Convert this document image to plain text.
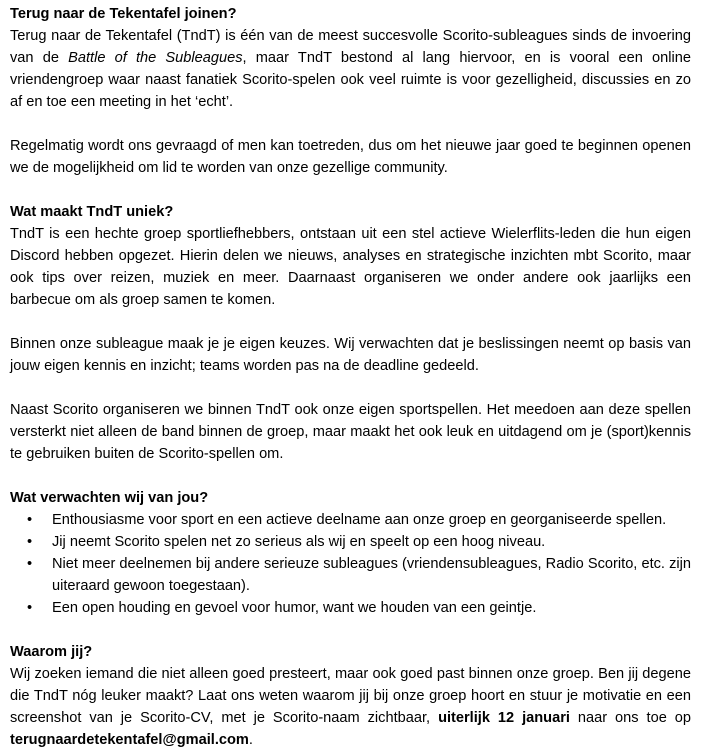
Terug naar de Tekentafel joinen?

Terug naar de Tekentafel (TndT) is één van de meest succesvolle Scorito-subleagues sinds de invoering van de Battle of the Subleagues, maar TndT bestond al lang hiervoor, en is vooral een online vriendengroep waar naast fanatiek Scorito-spelen ook veel ruimte is voor gezelligheid, discussies en zo af en toe een meeting in het ‘echt’.

Regelmatig wordt ons gevraagd of men kan toetreden, dus om het nieuwe jaar goed te beginnen openen we de mogelijkheid om lid te worden van onze gezellige community.

Wat maakt TndT uniek?

TndT is een hechte groep sportliefhebbers, ontstaan uit een stel actieve Wielerflits-leden die hun eigen Discord hebben opgezet. Hierin delen we nieuws, analyses en strategische inzichten mbt Scorito, maar ook tips over reizen, muziek en meer. Daarnaast organiseren we onder andere ook jaarlijks een barbecue om als groep samen te komen.

Binnen onze subleague maak je je eigen keuzes. Wij verwachten dat je beslissingen neemt op basis van jouw eigen kennis en inzicht; teams worden pas na de deadline gedeeld.

Naast Scorito organiseren we binnen TndT ook onze eigen sportspellen. Het meedoen aan deze spellen versterkt niet alleen de band binnen de groep, maar maakt het ook leuk en uitdagend om je (sport)kennis te gebruiken buiten de Scorito-spellen om.

Wat verwachten wij van jou?
• Enthousiasme voor sport en een actieve deelname aan onze groep en georganiseerde spellen.
• Jij neemt Scorito spelen net zo serieus als wij en speelt op een hoog niveau.
• Niet meer deelnemen bij andere serieuze subleagues (vriendensubleagues, Radio Scorito, etc. zijn uiteraard gewoon toegestaan).
• Een open houding en gevoel voor humor, want we houden van een geintje.
Waarom jij?

Wij zoeken iemand die niet alleen goed presteert, maar ook goed past binnen onze groep. Ben jij degene die TndT nóg leuker maakt? Laat ons weten waarom jij bij onze groep hoort en stuur je motivatie en een screenshot van je Scorito-CV, met je Scorito-naam zichtbaar, uiterlijk 12 januari naar ons toe op terugnaardetekentafel@gmail.com.
